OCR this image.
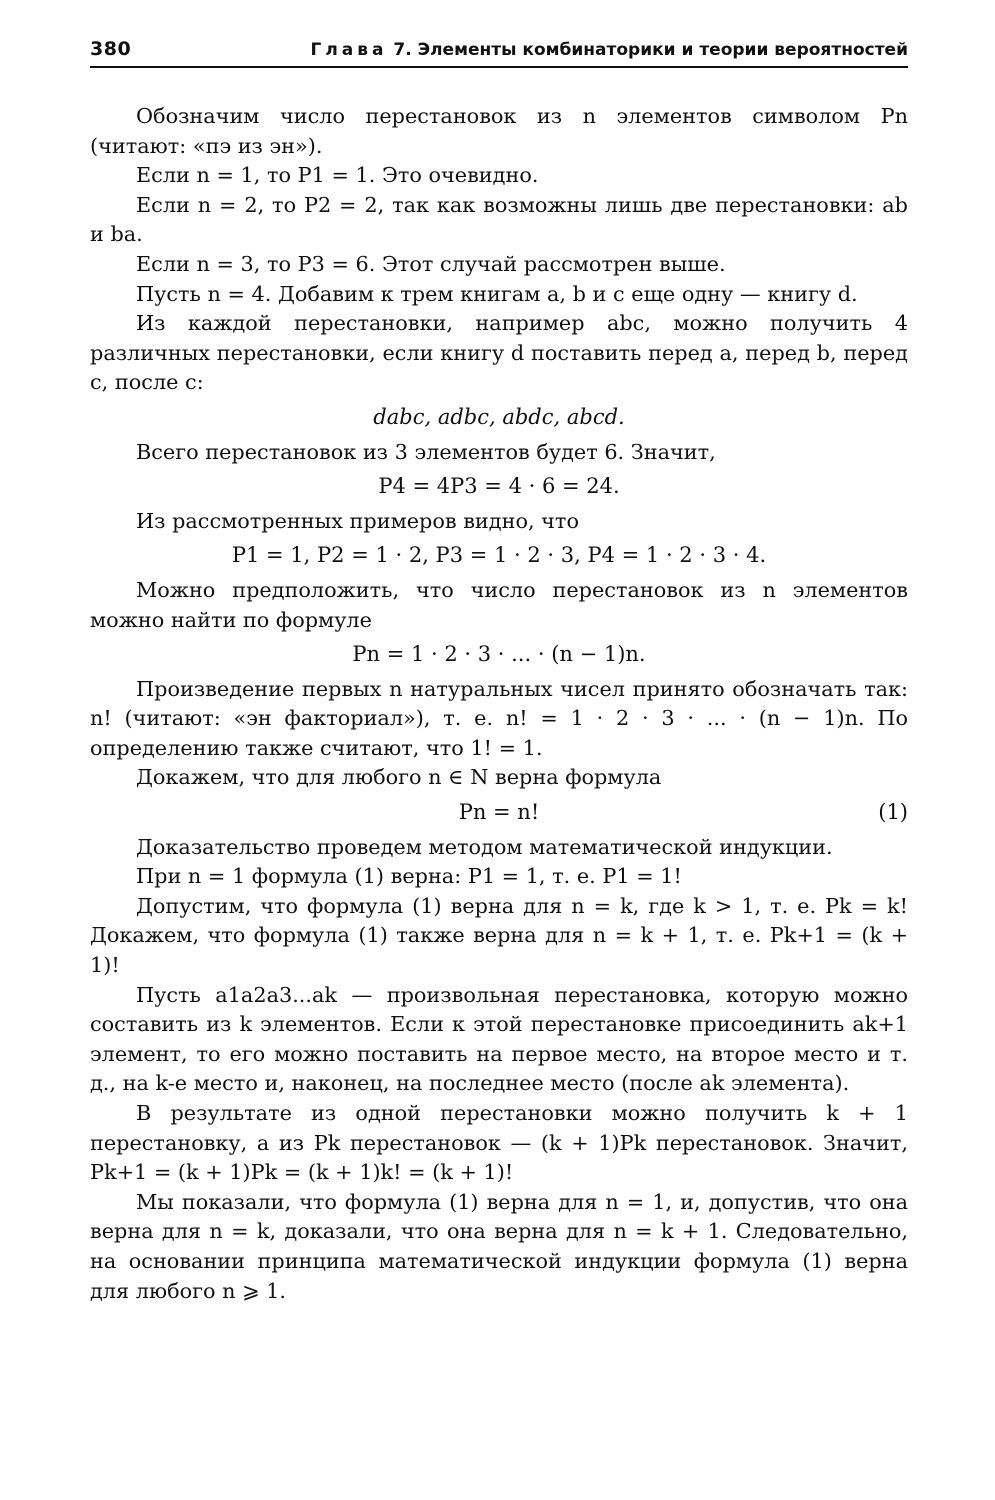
380	Глава 7. Элементы комбинаторики и теории вероятностей

Обозначим число перестановок из n элементов символом Pn (читают: «пэ из эн»).

Если n = 1, то P1 = 1. Это очевидно.

Если n = 2, то P2 = 2, так как возможны лишь две перестановки: ab и ba.

Если n = 3, то P3 = 6. Этот случай рассмотрен выше.

Пусть n = 4. Добавим к трем книгам a, b и c еще одну — книгу d.

Из каждой перестановки, например abc, можно получить 4 различных перестановки, если книгу d поставить перед a, перед b, перед c, после c:

dabc, adbc, abdc, abcd.

Всего перестановок из 3 элементов будет 6. Значит,

P4 = 4P3 = 4 · 6 = 24.

Из рассмотренных примеров видно, что

P1 = 1, P2 = 1 · 2, P3 = 1 · 2 · 3, P4 = 1 · 2 · 3 · 4.

Можно предположить, что число перестановок из n элементов можно найти по формуле

Pn = 1 · 2 · 3 · ... · (n − 1)n.

Произведение первых n натуральных чисел принято обозначать так: n! (читают: «эн факториал»), т. е. n! = 1 · 2 · 3 · ... · (n − 1)n. По определению также считают, что 1! = 1.

Докажем, что для любого n ∈ N верна формула

Pn = n!	(1)

Доказательство проведем методом математической индукции.

При n = 1 формула (1) верна: P1 = 1, т. е. P1 = 1!

Допустим, что формула (1) верна для n = k, где k > 1, т. е. Pk = k! Докажем, что формула (1) также верна для n = k + 1, т. е. Pk+1 = (k + 1)!

Пусть a1a2a3...ak — произвольная перестановка, которую можно составить из k элементов. Если к этой перестановке присоединить ak+1 элемент, то его можно поставить на первое место, на второе место и т. д., на k-е место и, наконец, на последнее место (после ak элемента).

В результате из одной перестановки можно получить k + 1 перестановку, а из Pk перестановок — (k + 1)Pk перестановок. Значит, Pk+1 = (k + 1)Pk = (k + 1)k! = (k + 1)!

Мы показали, что формула (1) верна для n = 1, и, допустив, что она верна для n = k, доказали, что она верна для n = k + 1. Следовательно, на основании принципа математической индукции формула (1) верна для любого n ⩾ 1.
